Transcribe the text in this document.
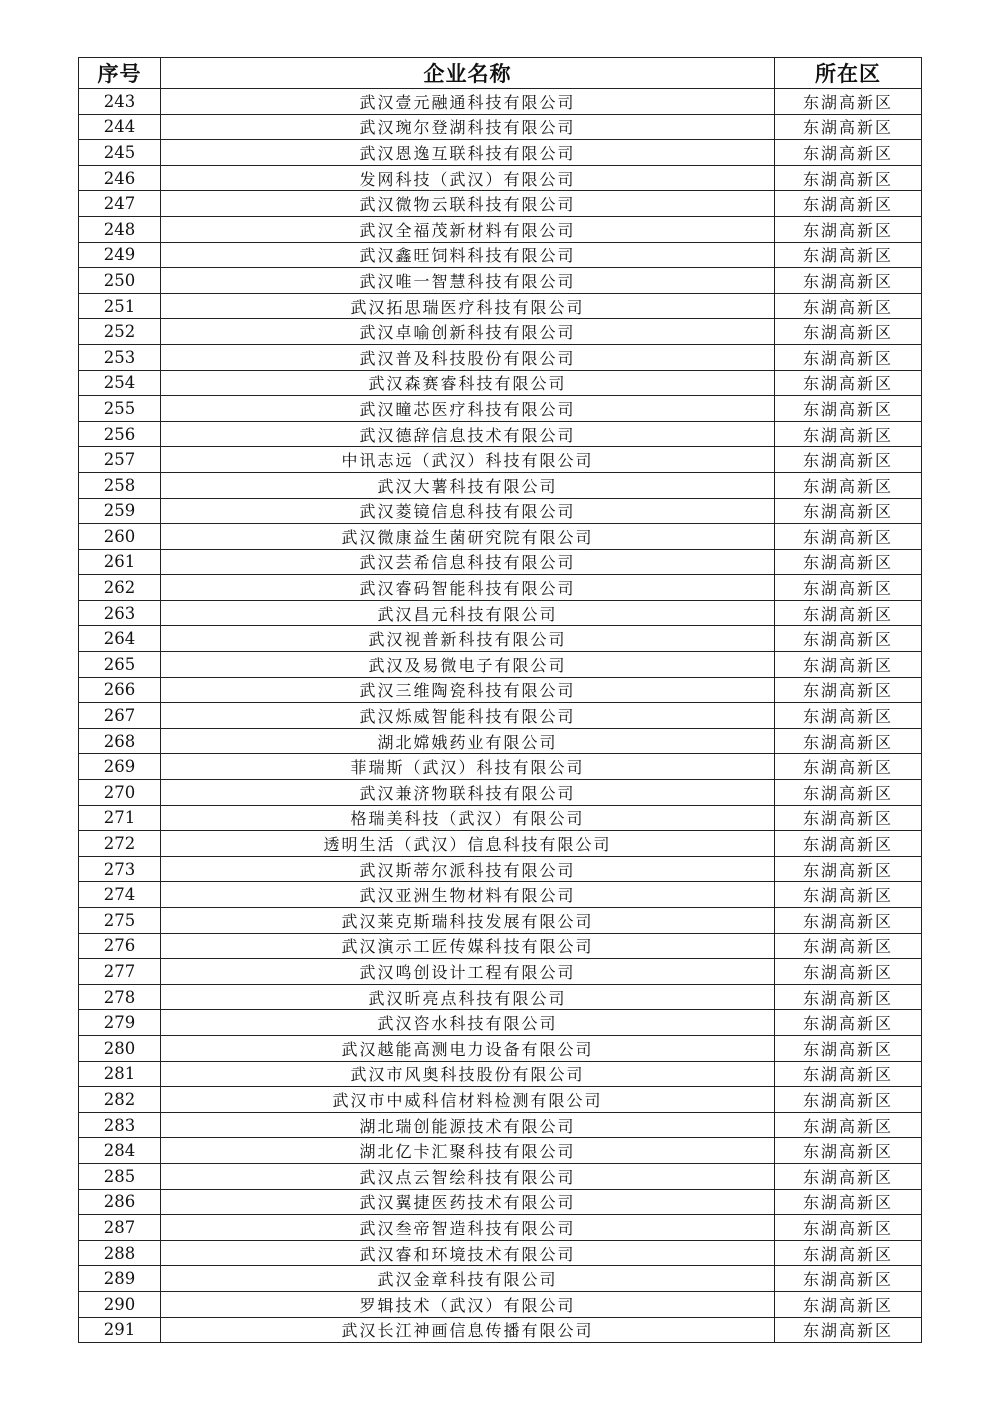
序号	企业名称	所在区
243	武汉壹元融通科技有限公司	东湖高新区
244	武汉琬尔登湖科技有限公司	东湖高新区
245	武汉恩逸互联科技有限公司	东湖高新区
246	发网科技（武汉）有限公司	东湖高新区
247	武汉微物云联科技有限公司	东湖高新区
248	武汉全福茂新材料有限公司	东湖高新区
249	武汉鑫旺饲料科技有限公司	东湖高新区
250	武汉唯一智慧科技有限公司	东湖高新区
251	武汉拓思瑞医疗科技有限公司	东湖高新区
252	武汉卓喻创新科技有限公司	东湖高新区
253	武汉普及科技股份有限公司	东湖高新区
254	武汉森赛睿科技有限公司	东湖高新区
255	武汉瞳芯医疗科技有限公司	东湖高新区
256	武汉德辞信息技术有限公司	东湖高新区
257	中讯志远（武汉）科技有限公司	东湖高新区
258	武汉大薯科技有限公司	东湖高新区
259	武汉菱镜信息科技有限公司	东湖高新区
260	武汉微康益生菌研究院有限公司	东湖高新区
261	武汉芸希信息科技有限公司	东湖高新区
262	武汉睿码智能科技有限公司	东湖高新区
263	武汉昌元科技有限公司	东湖高新区
264	武汉视普新科技有限公司	东湖高新区
265	武汉及易微电子有限公司	东湖高新区
266	武汉三维陶瓷科技有限公司	东湖高新区
267	武汉烁威智能科技有限公司	东湖高新区
268	湖北嫦娥药业有限公司	东湖高新区
269	菲瑞斯（武汉）科技有限公司	东湖高新区
270	武汉兼济物联科技有限公司	东湖高新区
271	格瑞美科技（武汉）有限公司	东湖高新区
272	透明生活（武汉）信息科技有限公司	东湖高新区
273	武汉斯蒂尔派科技有限公司	东湖高新区
274	武汉亚洲生物材料有限公司	东湖高新区
275	武汉莱克斯瑞科技发展有限公司	东湖高新区
276	武汉演示工匠传媒科技有限公司	东湖高新区
277	武汉鸣创设计工程有限公司	东湖高新区
278	武汉昕亮点科技有限公司	东湖高新区
279	武汉咨水科技有限公司	东湖高新区
280	武汉越能高测电力设备有限公司	东湖高新区
281	武汉市风奥科技股份有限公司	东湖高新区
282	武汉市中威科信材料检测有限公司	东湖高新区
283	湖北瑞创能源技术有限公司	东湖高新区
284	湖北亿卡汇聚科技有限公司	东湖高新区
285	武汉点云智绘科技有限公司	东湖高新区
286	武汉翼捷医药技术有限公司	东湖高新区
287	武汉叁帝智造科技有限公司	东湖高新区
288	武汉睿和环境技术有限公司	东湖高新区
289	武汉金章科技有限公司	东湖高新区
290	罗辑技术（武汉）有限公司	东湖高新区
291	武汉长江神画信息传播有限公司	东湖高新区
